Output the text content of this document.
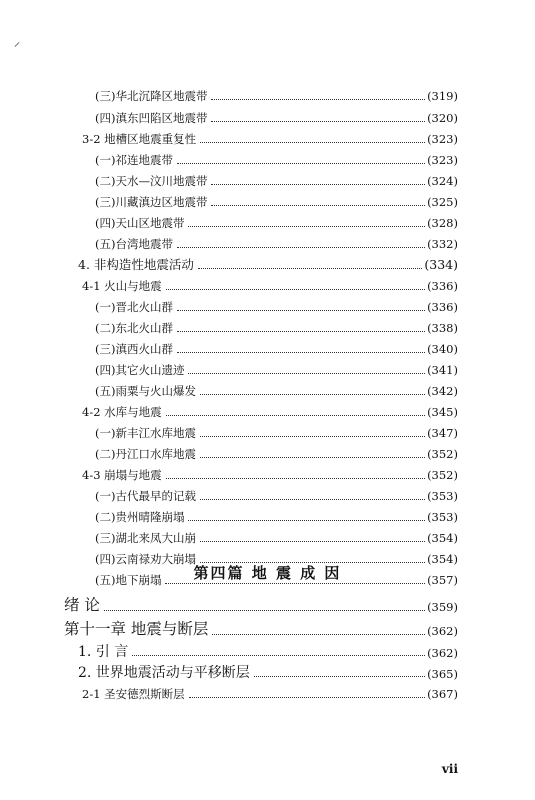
(三)华北沉降区地震带	(319)
(四)滇东凹陷区地震带	(320)
3-2 地槽区地震重复性	(323)
(一)祁连地震带	(323)
(二)天水—汶川地震带	(324)
(三)川藏滇边区地震带	(325)
(四)天山区地震带	(328)
(五)台湾地震带	(332)
4. 非构造性地震活动	(334)
4-1 火山与地震	(336)
(一)晋北火山群	(336)
(二)东北火山群	(338)
(三)滇西火山群	(340)
(四)其它火山遗迹	(341)
(五)雨粟与火山爆发	(342)
4-2 水库与地震	(345)
(一)新丰江水库地震	(347)
(二)丹江口水库地震	(352)
4-3 崩塌与地震	(352)
(一)古代最早的记载	(353)
(二)贵州晴隆崩塌	(353)
(三)湖北来凤大山崩	(354)
(四)云南禄劝大崩塌	(354)
(五)地下崩塌	(357)
第四篇 地 震 成 因
绪 论	(359)
第十一章 地震与断层	(362)
1. 引 言	(362)
2. 世界地震活动与平移断层	(365)
2-1 圣安德烈斯断层	(367)
vii
